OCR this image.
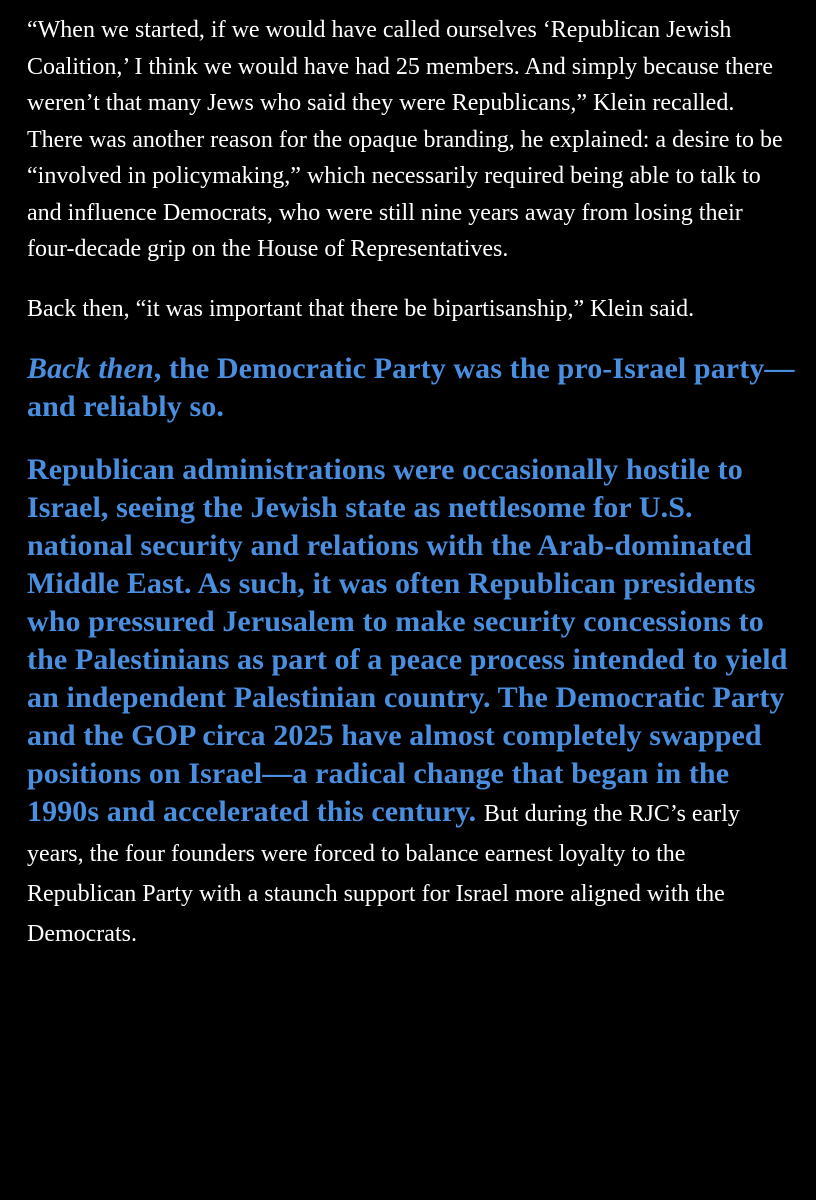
“When we started, if we would have called ourselves ‘Republican Jewish Coalition,’ I think we would have had 25 members. And simply because there weren’t that many Jews who said they were Republicans,” Klein recalled. There was another reason for the opaque branding, he explained: a desire to be “involved in policymaking,” which necessarily required being able to talk to and influence Democrats, who were still nine years away from losing their four-decade grip on the House of Representatives.

Back then, “it was important that there be bipartisanship,” Klein said.

Back then, the Democratic Party was the pro-Israel party—and reliably so.

Republican administrations were occasionally hostile to Israel, seeing the Jewish state as nettlesome for U.S. national security and relations with the Arab-dominated Middle East. As such, it was often Republican presidents who pressured Jerusalem to make security concessions to the Palestinians as part of a peace process intended to yield an independent Palestinian country. The Democratic Party and the GOP circa 2025 have almost completely swapped positions on Israel—a radical change that began in the 1990s and accelerated this century. But during the RJC’s early years, the four founders were forced to balance earnest loyalty to the Republican Party with a staunch support for Israel more aligned with the Democrats.
